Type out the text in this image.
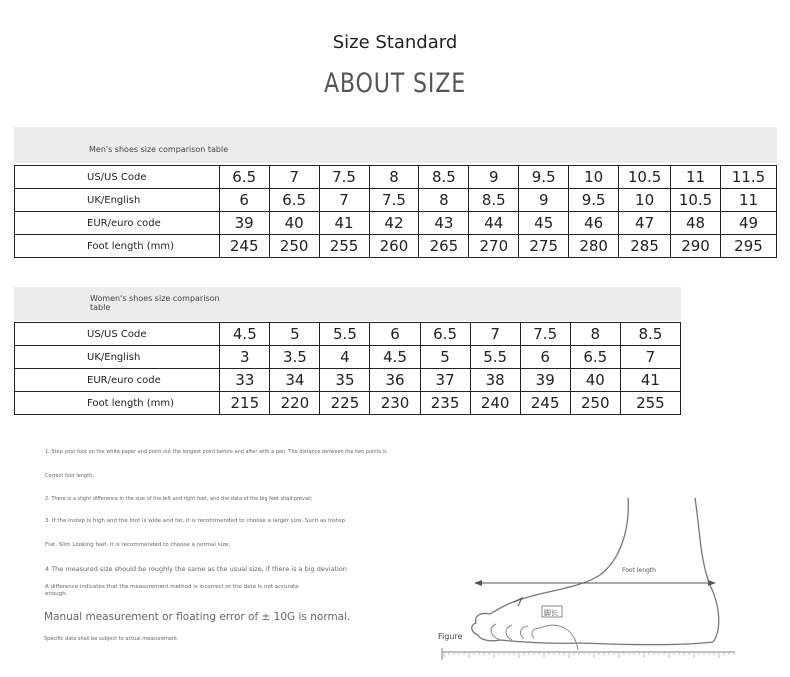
Size Standard
ABOUT SIZE
Men's shoes size comparison table
US/US Code	6.5	7	7.5	8	8.5	9	9.5	10	10.5	11	11.5
UK/English	6	6.5	7	7.5	8	8.5	9	9.5	10	10.5	11
EUR/euro code	39	40	41	42	43	44	45	46	47	48	49
Foot length (mm)	245	250	255	260	265	270	275	280	285	290	295
Women's shoes size comparison table
US/US Code	4.5	5	5.5	6	6.5	7	7.5	8	8.5
UK/English	3	3.5	4	4.5	5	5.5	6	6.5	7
EUR/euro code	33	34	35	36	37	38	39	40	41
Foot length (mm)	215	220	225	230	235	240	245	250	255
1. Step your foot on the white paper and point out the longest point before and after with a pen. The distance between the two points is
Correct foot length;
2. There is a slight difference in the size of the left and right feet, and the data of the big feet shall prevail;
3. If the instep is high and the foot is wide and fat, it is recommended to choose a larger size. Such as instep
Flat, Slim Looking feet, it is recommended to choose a normal size;
4 The measured size should be roughly the same as the usual size, if there is a big deviation
A difference indicates that the measurement method is incorrect or the data is not accurate enough.
Manual measurement or floating error of ± 10G is normal.
Specific data shall be subject to actual measurement	Figure
脚长
Foot length
